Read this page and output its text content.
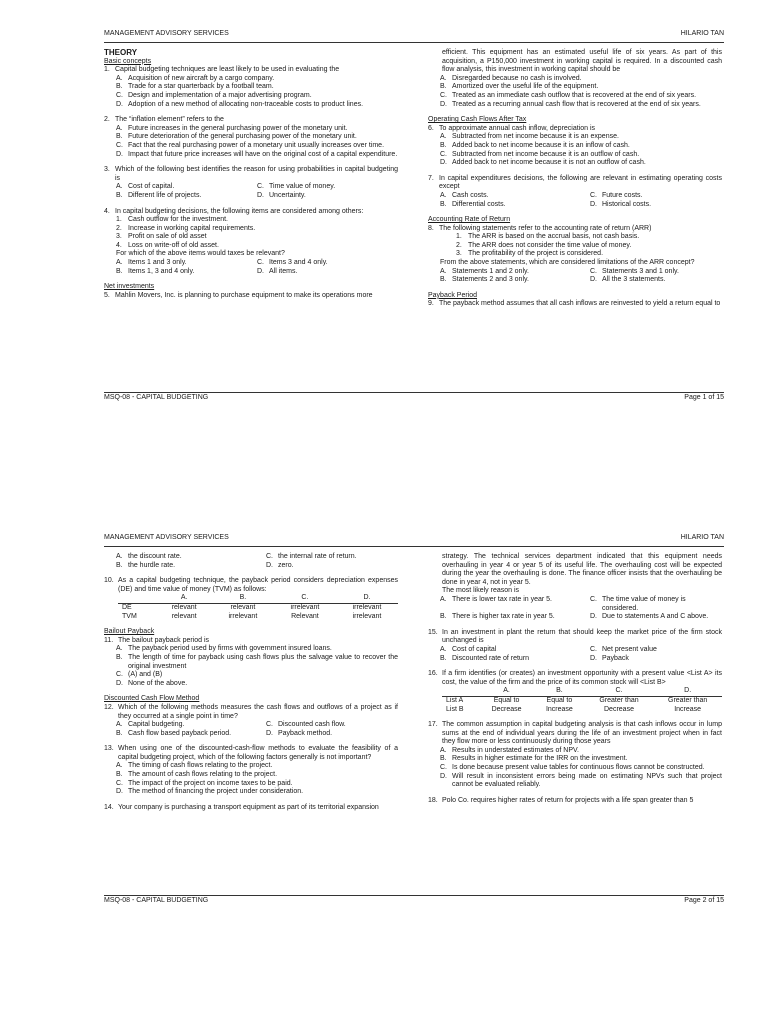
MANAGEMENT ADVISORY SERVICES	HILARIO TAN

THEORY

Basic concepts

1. Capital budgeting techniques are least likely to be used in evaluating the
A. Acquisition of new aircraft by a cargo company.
B. Trade for a star quarterback by a football team.
C. Design and implementation of a major advertising program.
D. Adoption of a new method of allocating non-traceable costs to product lines.
2. The “inflation element” refers to the
A. Future increases in the general purchasing power of the monetary unit.
B. Future deterioration of the general purchasing power of the monetary unit.
C. Fact that the real purchasing power of a monetary unit usually increases over time.
D. Impact that future price increases will have on the original cost of a capital expenditure.
3. Which of the following best identifies the reason for using probabilities in capital budgeting is
A. Cost of capital.	C. Time value of money.
B. Different life of projects.	D. Uncertainty.
4. In capital budgeting decisions, the following items are considered among others:
1. Cash outflow for the investment.
2. Increase in working capital requirements.
3. Profit on sale of old asset
4. Loss on write-off of old asset.

For which of the above items would taxes be relevant?

A. Items 1 and 3 only.	C. Items 3 and 4 only.
B. Items 1, 3 and 4 only.	D. All items.

Net investments

5. Mahlin Movers, Inc. is planning to purchase equipment to make its operations more

efficient. This equipment has an estimated useful life of six years. As part of this acquisition, a P150,000 investment in working capital is required. In a discounted cash flow analysis, this investment in working capital should be

A. Disregarded because no cash is involved.
B. Amortized over the useful life of the equipment.
C. Treated as an immediate cash outflow that is recovered at the end of six years.
D. Treated as a recurring annual cash flow that is recovered at the end of six years.

Operating Cash Flows After Tax

6. To approximate annual cash inflow, depreciation is
A. Subtracted from net income because it is an expense.
B. Added back to net income because it is an inflow of cash.
C. Subtracted from net income because it is an outflow of cash.
D. Added back to net income because it is not an outflow of cash.
7. In capital expenditures decisions, the following are relevant in estimating operating costs except
A. Cash costs.	C. Future costs.
B. Differential costs.	D. Historical costs.

Accounting Rate of Return

8. The following statements refer to the accounting rate of return (ARR)
1. The ARR is based on the accrual basis, not cash basis.
2. The ARR does not consider the time value of money.
3. The profitability of the project is considered.

From the above statements, which are considered limitations of the ARR concept?

A. Statements 1 and 2 only.	C. Statements 3 and 1 only.
B. Statements 2 and 3 only.	D. All the 3 statements.

Payback Period

9. The payback method assumes that all cash inflows are reinvested to yield a return equal to
MSQ-08 - CAPITAL BUDGETING	Page 1 of 15
MANAGEMENT ADVISORY SERVICES	HILARIO TAN
A. the discount rate.	C. the internal rate of return.
B. the hurdle rate.	D. zero.
10. As a capital budgeting technique, the payback period considers depreciation expenses (DE) and time value of money (TVM) as follows:
	A.	B.	C.	D.
DE	relevant	relevant	irrelevant	irrelevant
TVM	relevant	irrelevant	Relevant	irrelevant

Bailout Payback

11. The bailout payback period is
A. The payback period used by firms with government insured loans.
B. The length of time for payback using cash flows plus the salvage value to recover the original investment
C. (A) and (B)
D. None of the above.

Discounted Cash Flow Method

12. Which of the following methods measures the cash flows and outflows of a project as if they occurred at a single point in time?
A. Capital budgeting.	C. Discounted cash flow.
B. Cash flow based payback period.	D. Payback method.
13. When using one of the discounted-cash-flow methods to evaluate the feasibility of a capital budgeting project, which of the following factors generally is not important?
A. The timing of cash flows relating to the project.
B. The amount of cash flows relating to the project.
C. The impact of the project on income taxes to be paid.
D. The method of financing the project under consideration.
14. Your company is purchasing a transport equipment as part of its territorial expansion

strategy. The technical services department indicated that this equipment needs overhauling in year 4 or year 5 of its useful life. The overhauling cost will be expected during the year the overhauling is done. The finance officer insists that the overhauling be done in year 4, not in year 5.

The most likely reason is

A. There is lower tax rate in year 5.	C. The time value of money is considered.
B. There is higher tax rate in year 5.	D. Due to statements A and C above.
15. In an investment in plant the return that should keep the market price of the firm stock unchanged is
A. Cost of capital	C. Net present value
B. Discounted rate of return	D. Payback
16. If a firm identifies (or creates) an investment opportunity with a present value <List A> its cost, the value of the firm and the price of its common stock will <List B>
	A.	B.	C.	D.
List A	Equal to	Equal to	Greater than	Greater than
List B	Decrease	Increase	Decrease	Increase
17. The common assumption in capital budgeting analysis is that cash inflows occur in lump sums at the end of individual years during the life of an investment project when in fact they flow more or less continuously during those years
A. Results in understated estimates of NPV.
B. Results in higher estimate for the IRR on the investment.
C. Is done because present value tables for continuous flows cannot be constructed.
D. Will result in inconsistent errors being made on estimating NPVs such that project cannot be evaluated reliably.
18. Polo Co. requires higher rates of return for projects with a life span greater than 5
MSQ-08 - CAPITAL BUDGETING	Page 2 of 15
